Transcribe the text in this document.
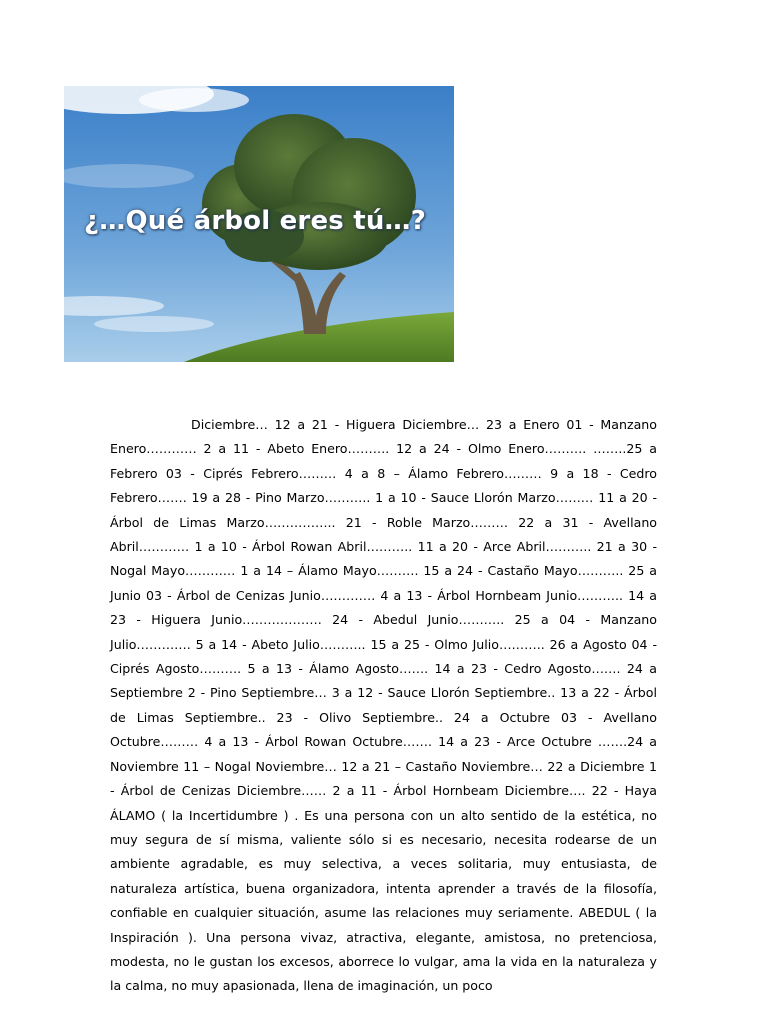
¿…Qué árbol eres tú…?

Diciembre… 12 a 21 - Higuera Diciembre… 23 a Enero 01 - Manzano Enero………… 2 a 11 - Abeto Enero………. 12 a 24 - Olmo Enero………. ……..25 a Febrero 03 - Ciprés Febrero……… 4 a 8 – Álamo Febrero……… 9 a 18 - Cedro Febrero……. 19 a 28 - Pino Marzo……….. 1 a 10 - Sauce Llorón Marzo……… 11 a 20 - Árbol de Limas Marzo…………….. 21 - Roble Marzo……… 22 a 31 - Avellano Abril………… 1 a 10 - Árbol Rowan Abril……….. 11 a 20 - Arce Abril……….. 21 a 30 - Nogal Mayo………… 1 a 14 – Álamo Mayo………. 15 a 24 - Castaño Mayo……….. 25 a Junio 03 - Árbol de Cenizas Junio…………. 4 a 13 - Árbol Hornbeam Junio……….. 14 a 23 - Higuera Junio………………. 24 - Abedul Junio……….. 25 a 04 - Manzano Julio…………. 5 a 14 - Abeto Julio……….. 15 a 25 - Olmo Julio……….. 26 a Agosto 04 - Ciprés Agosto………. 5 a 13 - Álamo Agosto……. 14 a 23 - Cedro Agosto……. 24 a Septiembre 2 - Pino Septiembre… 3 a 12 - Sauce Llorón Septiembre.. 13 a 22 - Árbol de Limas Septiembre.. 23 - Olivo Septiembre.. 24 a Octubre 03 - Avellano Octubre……… 4 a 13 - Árbol Rowan Octubre……. 14 a 23 - Arce Octubre …….24 a Noviembre 11 – Nogal Noviembre… 12 a 21 – Castaño Noviembre… 22 a Diciembre 1 - Árbol de Cenizas Diciembre…… 2 a 11 - Árbol Hornbeam Diciembre…. 22 - Haya ÁLAMO ( la Incertidumbre ) . Es una persona con un alto sentido de la estética, no muy segura de sí misma, valiente sólo si es necesario, necesita rodearse de un ambiente agradable, es muy selectiva, a veces solitaria, muy entusiasta, de naturaleza artística, buena organizadora, intenta aprender a través de la filosofía, confiable en cualquier situación, asume las relaciones muy seriamente. ABEDUL ( la Inspiración ). Una persona vivaz, atractiva, elegante, amistosa, no pretenciosa, modesta, no le gustan los excesos, aborrece lo vulgar, ama la vida en la naturaleza y la calma, no muy apasionada, llena de imaginación, un poco
